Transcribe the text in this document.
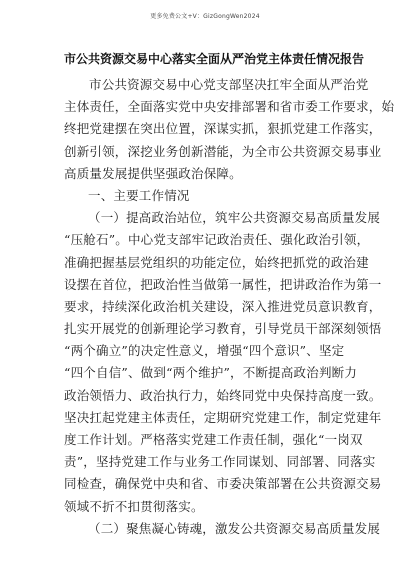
更多免费公文+V：GizGongWen2024
市公共资源交易中心落实全面从严治党主体责任情况报告
市公共资源交易中心党支部坚决扛牢全面从严治党
主体责任，全面落实党中央安排部署和省市委工作要求，始
终把党建摆在突出位置，深谋实抓，狠抓党建工作落实，
创新引领，深挖业务创新潜能，为全市公共资源交易事业
高质量发展提供坚强政治保障。
一、主要工作情况
（一）提高政治站位，筑牢公共资源交易高质量发展
“压舱石”。中心党支部牢记政治责任、强化政治引领，
准确把握基层党组织的功能定位，始终把抓党的政治建
设摆在首位，把政治性当做第一属性，把讲政治作为第一
要求，持续深化政治机关建设，深入推进党员意识教育，
扎实开展党的创新理论学习教育，引导党员干部深刻领悟
“两个确立”的决定性意义，增强“四个意识”、坚定
“四个自信”、做到“两个维护”，不断提高政治判断力
政治领悟力、政治执行力，始终同党中央保持高度一致。
坚决扛起党建主体责任，定期研究党建工作，制定党建年
度工作计划。严格落实党建工作责任制，强化“一岗双
责”，坚持党建工作与业务工作同谋划、同部署、同落实
同检查，确保党中央和省、市委决策部署在公共资源交易
领域不折不扣贯彻落实。
（二）聚焦凝心铸魂，激发公共资源交易高质量发展
